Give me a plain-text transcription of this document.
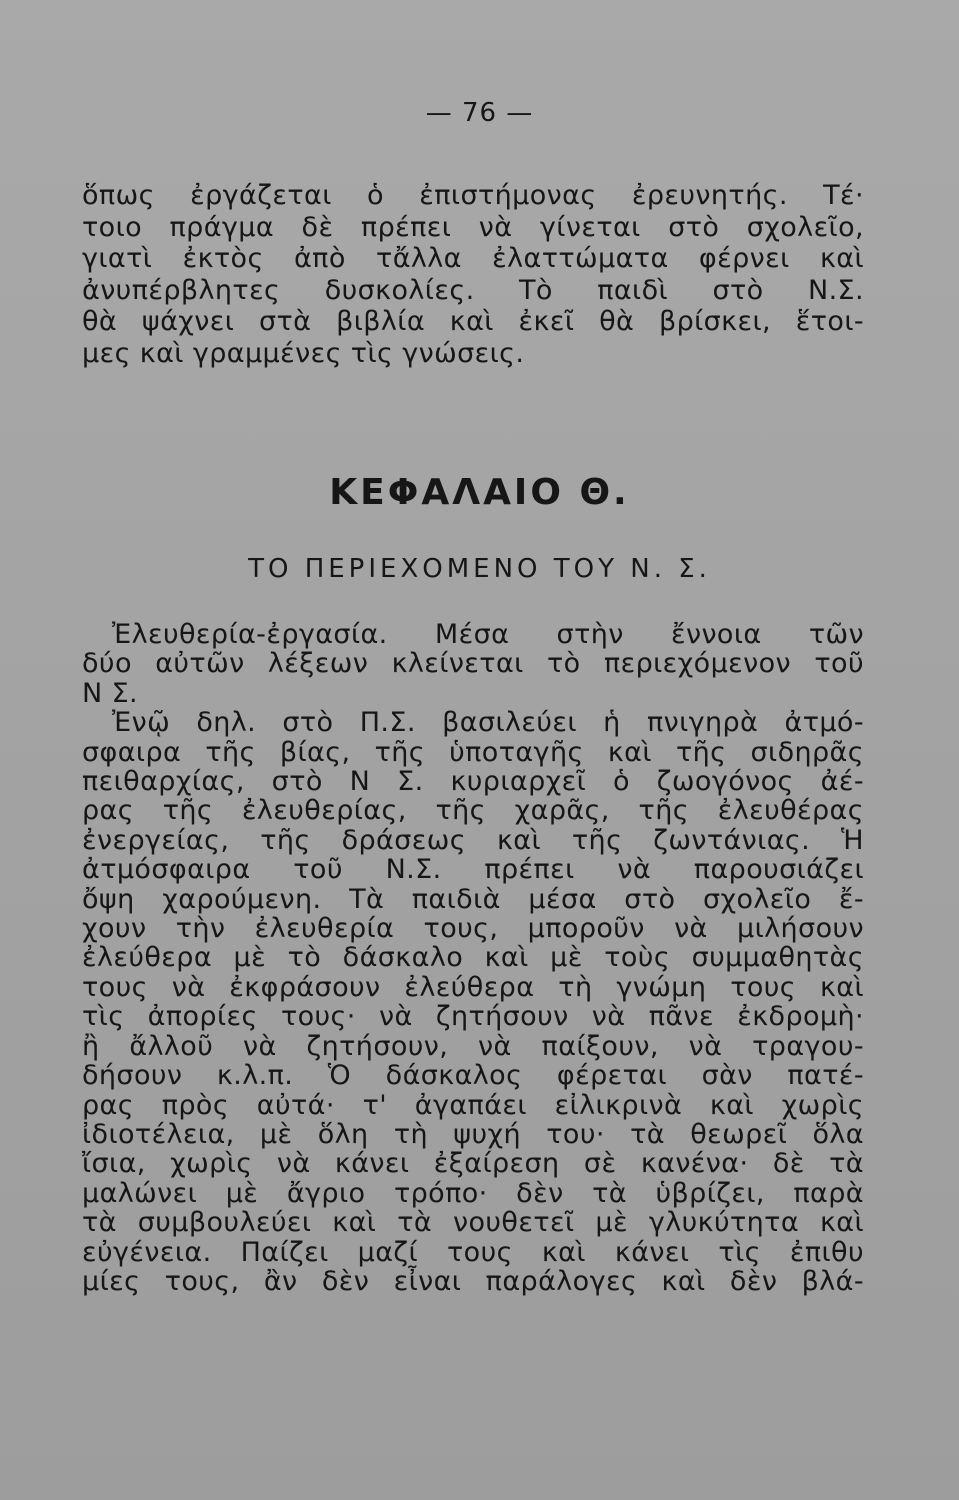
— 76 —
ὅπως ἐργάζεται ὁ ἐπιστήμονας ἐρευνητής. Τέ·
τοιο πράγμα δὲ πρέπει νὰ γίνεται στὸ σχολεῖο,
γιατὶ ἐκτὸς ἀπὸ τἄλλα ἐλαττώματα φέρνει καὶ
ἀνυπέρβλητες δυσκολίες. Τὸ παιδὶ στὸ Ν.Σ.
θὰ ψάχνει στὰ βιβλία καὶ ἐκεῖ θὰ βρίσκει, ἕτοι-
μες καὶ γραμμένες τὶς γνώσεις.
ΚΕΦΑΛΑΙΟ Θ.
ΤΟ ΠΕΡΙΕΧΟΜΕΝΟ ΤΟΥ Ν. Σ.
Ἐλευθερία-ἐργασία. Μέσα στὴν ἔννοια τῶν
δύο αὐτῶν λέξεων κλείνεται τὸ περιεχόμενον τοῦ
Ν Σ.
Ἐνῷ δηλ. στὸ Π.Σ. βασιλεύει ἡ πνιγηρὰ ἀτμό-
σφαιρα τῆς βίας, τῆς ὑποταγῆς καὶ τῆς σιδηρᾶς
πειθαρχίας, στὸ Ν Σ. κυριαρχεῖ ὁ ζωογόνος ἀέ-
ρας τῆς ἐλευθερίας, τῆς χαρᾶς, τῆς ἐλευθέρας
ἐνεργείας, τῆς δράσεως καὶ τῆς ζωντάνιας. Ἡ
ἀτμόσφαιρα τοῦ Ν.Σ. πρέπει νὰ παρουσιάζει
ὄψη χαρούμενη. Τὰ παιδιὰ μέσα στὸ σχολεῖο ἔ-
χουν τὴν ἐλευθερία τους, μποροῦν νὰ μιλήσουν
ἐλεύθερα μὲ τὸ δάσκαλο καὶ μὲ τοὺς συμμαθητὰς
τους νὰ ἐκφράσουν ἐλεύθερα τὴ γνώμη τους καὶ
τὶς ἀπορίες τους· νὰ ζητήσουν νὰ πᾶνε ἐκδρομὴ·
ἢ ἄλλοῦ νὰ ζητήσουν, νὰ παίξουν, νὰ τραγου-
δήσουν κ.λ.π. Ὁ δάσκαλος φέρεται σὰν πατέ-
ρας πρὸς αὐτά· τ' ἀγαπάει εἰλικρινὰ καὶ χωρὶς
ἰδιοτέλεια, μὲ ὅλη τὴ ψυχή του· τὰ θεωρεῖ ὅλα
ἴσια, χωρὶς νὰ κάνει ἐξαίρεση σὲ κανένα· δὲ τὰ
μαλώνει μὲ ἄγριο τρόπο· δὲν τὰ ὑβρίζει, παρὰ
τὰ συμβουλεύει καὶ τὰ νουθετεῖ μὲ γλυκύτητα καὶ
εὐγένεια. Παίζει μαζί τους καὶ κάνει τὶς ἐπιθυ
μίες τους, ἂν δὲν εἶναι παράλογες καὶ δὲν βλά-
